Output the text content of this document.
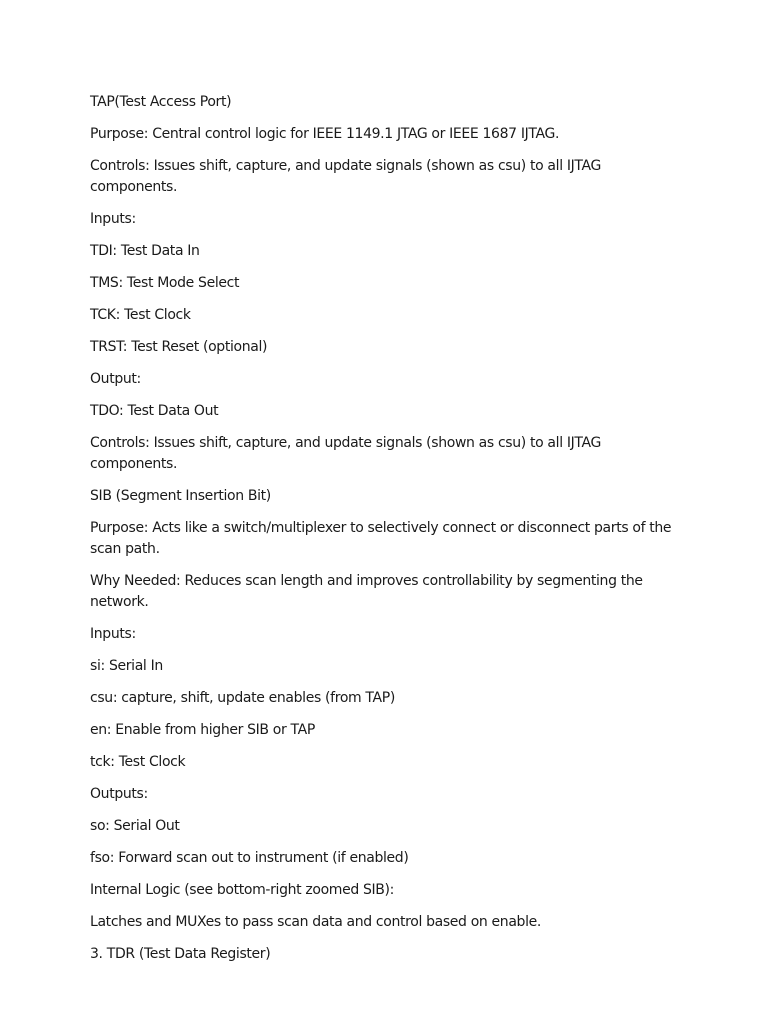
TAP(Test Access Port)

Purpose: Central control logic for IEEE 1149.1 JTAG or IEEE 1687 IJTAG.

Controls: Issues shift, capture, and update signals (shown as csu) to all IJTAG components.

Inputs:

TDI: Test Data In

TMS: Test Mode Select

TCK: Test Clock

TRST: Test Reset (optional)

Output:

TDO: Test Data Out

Controls: Issues shift, capture, and update signals (shown as csu) to all IJTAG components.

SIB (Segment Insertion Bit)

Purpose: Acts like a switch/multiplexer to selectively connect or disconnect parts of the scan path.

Why Needed: Reduces scan length and improves controllability by segmenting the network.

Inputs:

si: Serial In

csu: capture, shift, update enables (from TAP)

en: Enable from higher SIB or TAP

tck: Test Clock

Outputs:

so: Serial Out

fso: Forward scan out to instrument (if enabled)

Internal Logic (see bottom-right zoomed SIB):

Latches and MUXes to pass scan data and control based on enable.

3. TDR (Test Data Register)
